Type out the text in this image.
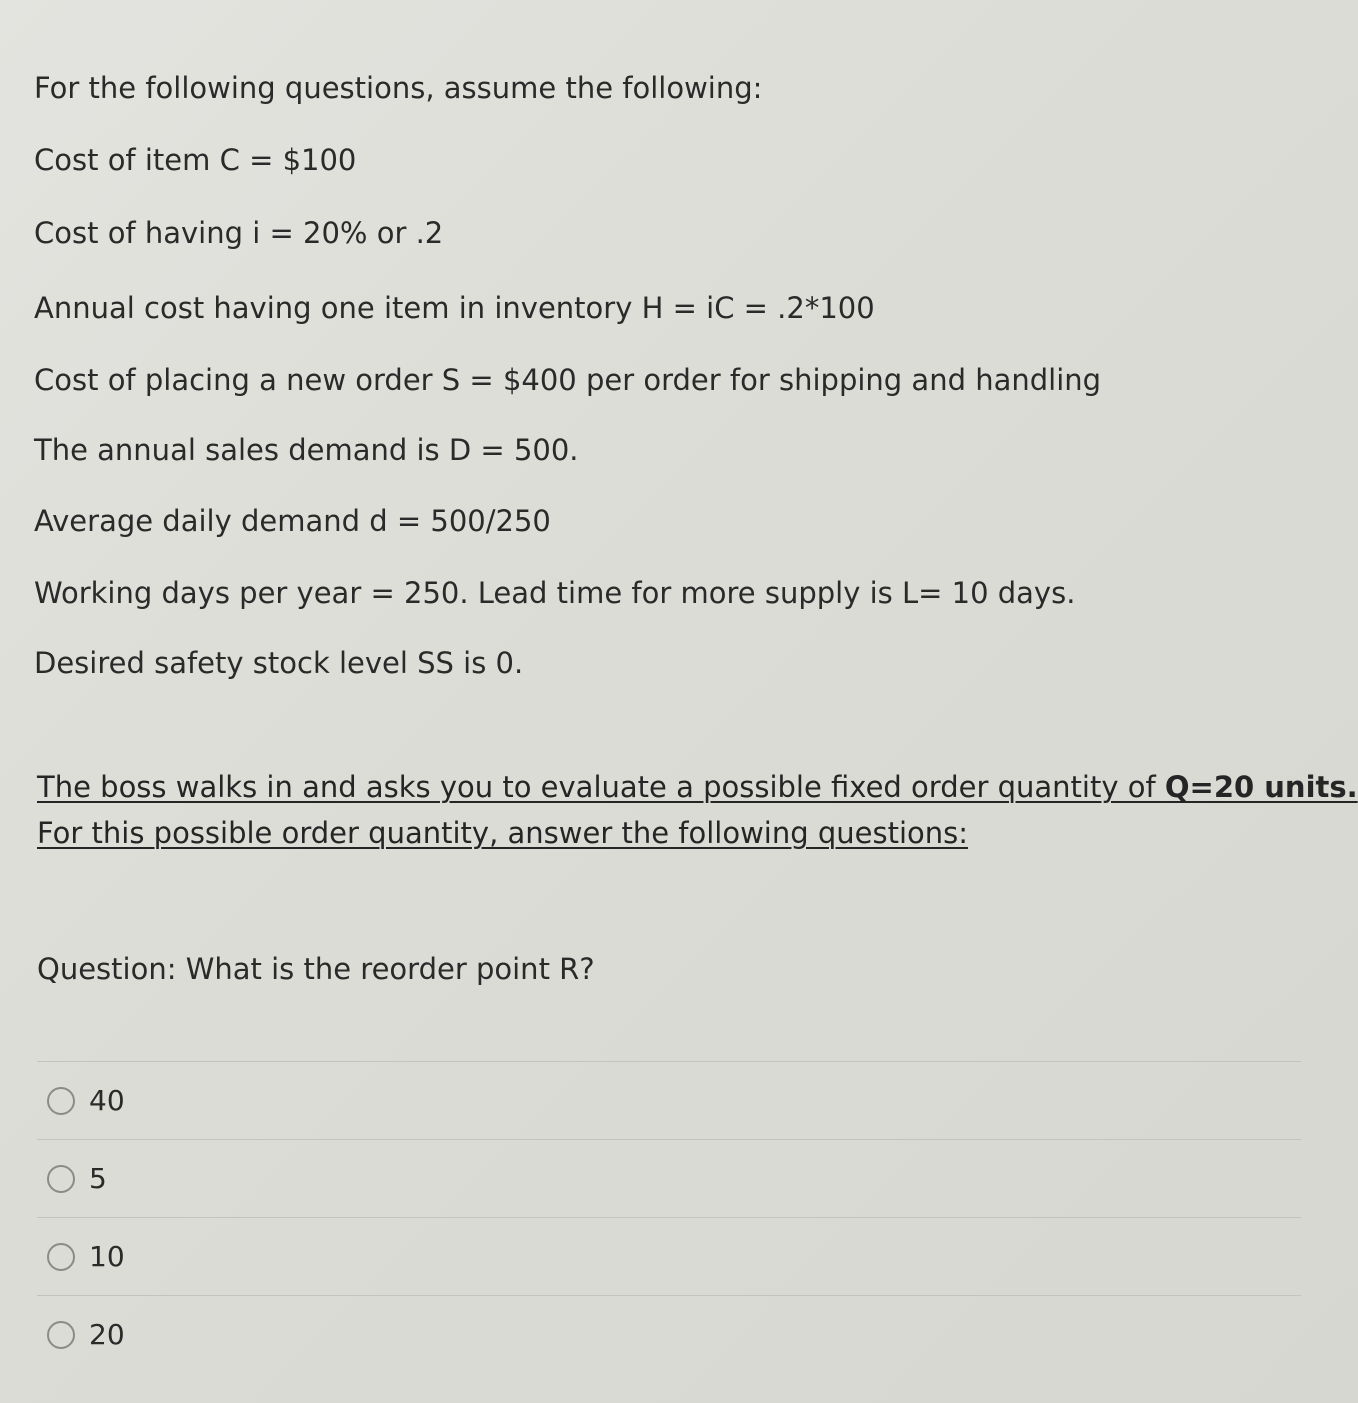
For the following questions, assume the following:
Cost of item C = $100
Cost of having i = 20% or .2
Annual cost having one item in inventory H = iC = .2*100
Cost of placing a new order S = $400 per order for shipping and handling
The annual sales demand is D = 500.
Average daily demand d = 500/250
Working days per year = 250. Lead time for more supply is L= 10 days.
Desired safety stock level SS is 0.
The boss walks in and asks you to evaluate a possible fixed order quantity of Q=20 units.
For this possible order quantity, answer the following questions:
Question: What is the reorder point R?
40
5
10
20
